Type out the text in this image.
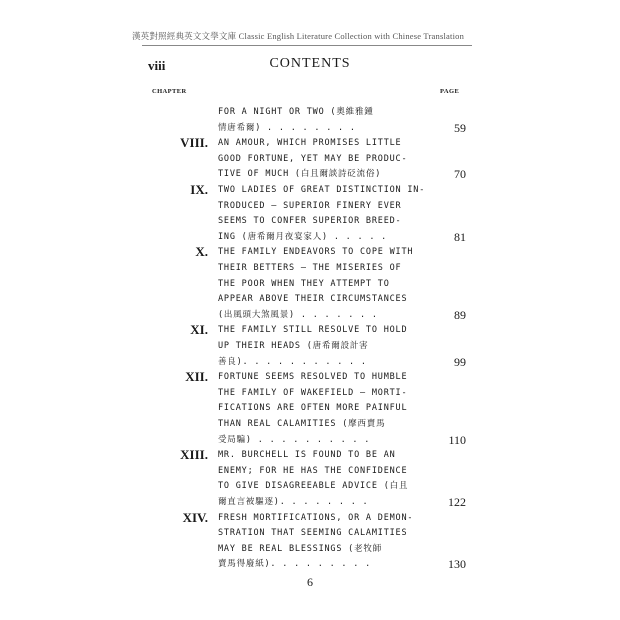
漢英對照經典英文文學文庫 Classic English Literature Collection with Chinese Translation
viii	CONTENTS
CHAPTER	PAGE
FOR A NIGHT OR TWO (奧維雅鍾
情唐希爾) . . . . . . . .	59
VIII. AN AMOUR, WHICH PROMISES LITTLE
GOOD FORTUNE, YET MAY BE PRODUC-
TIVE OF MUCH (白且爾談詩砭流俗)	70
IX. TWO LADIES OF GREAT DISTINCTION IN-
TRODUCED — SUPERIOR FINERY EVER
SEEMS TO CONFER SUPERIOR BREED-
ING (唐希爾月夜宴家人) . . . . .	81
X. THE FAMILY ENDEAVORS TO COPE WITH
THEIR BETTERS — THE MISERIES OF
THE POOR WHEN THEY ATTEMPT TO
APPEAR ABOVE THEIR CIRCUMSTANCES
(出風頭大煞風景) . . . . . . .	89
XI. THE FAMILY STILL RESOLVE TO HOLD
UP THEIR HEADS (唐希爾設計害
善良). . . . . . . . . . .	99
XII. FORTUNE SEEMS RESOLVED TO HUMBLE
THE FAMILY OF WAKEFIELD — MORTI-
FICATIONS ARE OFTEN MORE PAINFUL
THAN REAL CALAMITIES (摩西賣馬
受局騙) . . . . . . . . . .	110
XIII. MR. BURCHELL IS FOUND TO BE AN
ENEMY; FOR HE HAS THE CONFIDENCE
TO GIVE DISAGREEABLE ADVICE (白且
爾直言被驅逐). . . . . . . .	122
XIV. FRESH MORTIFICATIONS, OR A DEMON-
STRATION THAT SEEMING CALAMITIES
MAY BE REAL BLESSINGS (老牧師
賣馬得廢紙). . . . . . . . .	130
6
